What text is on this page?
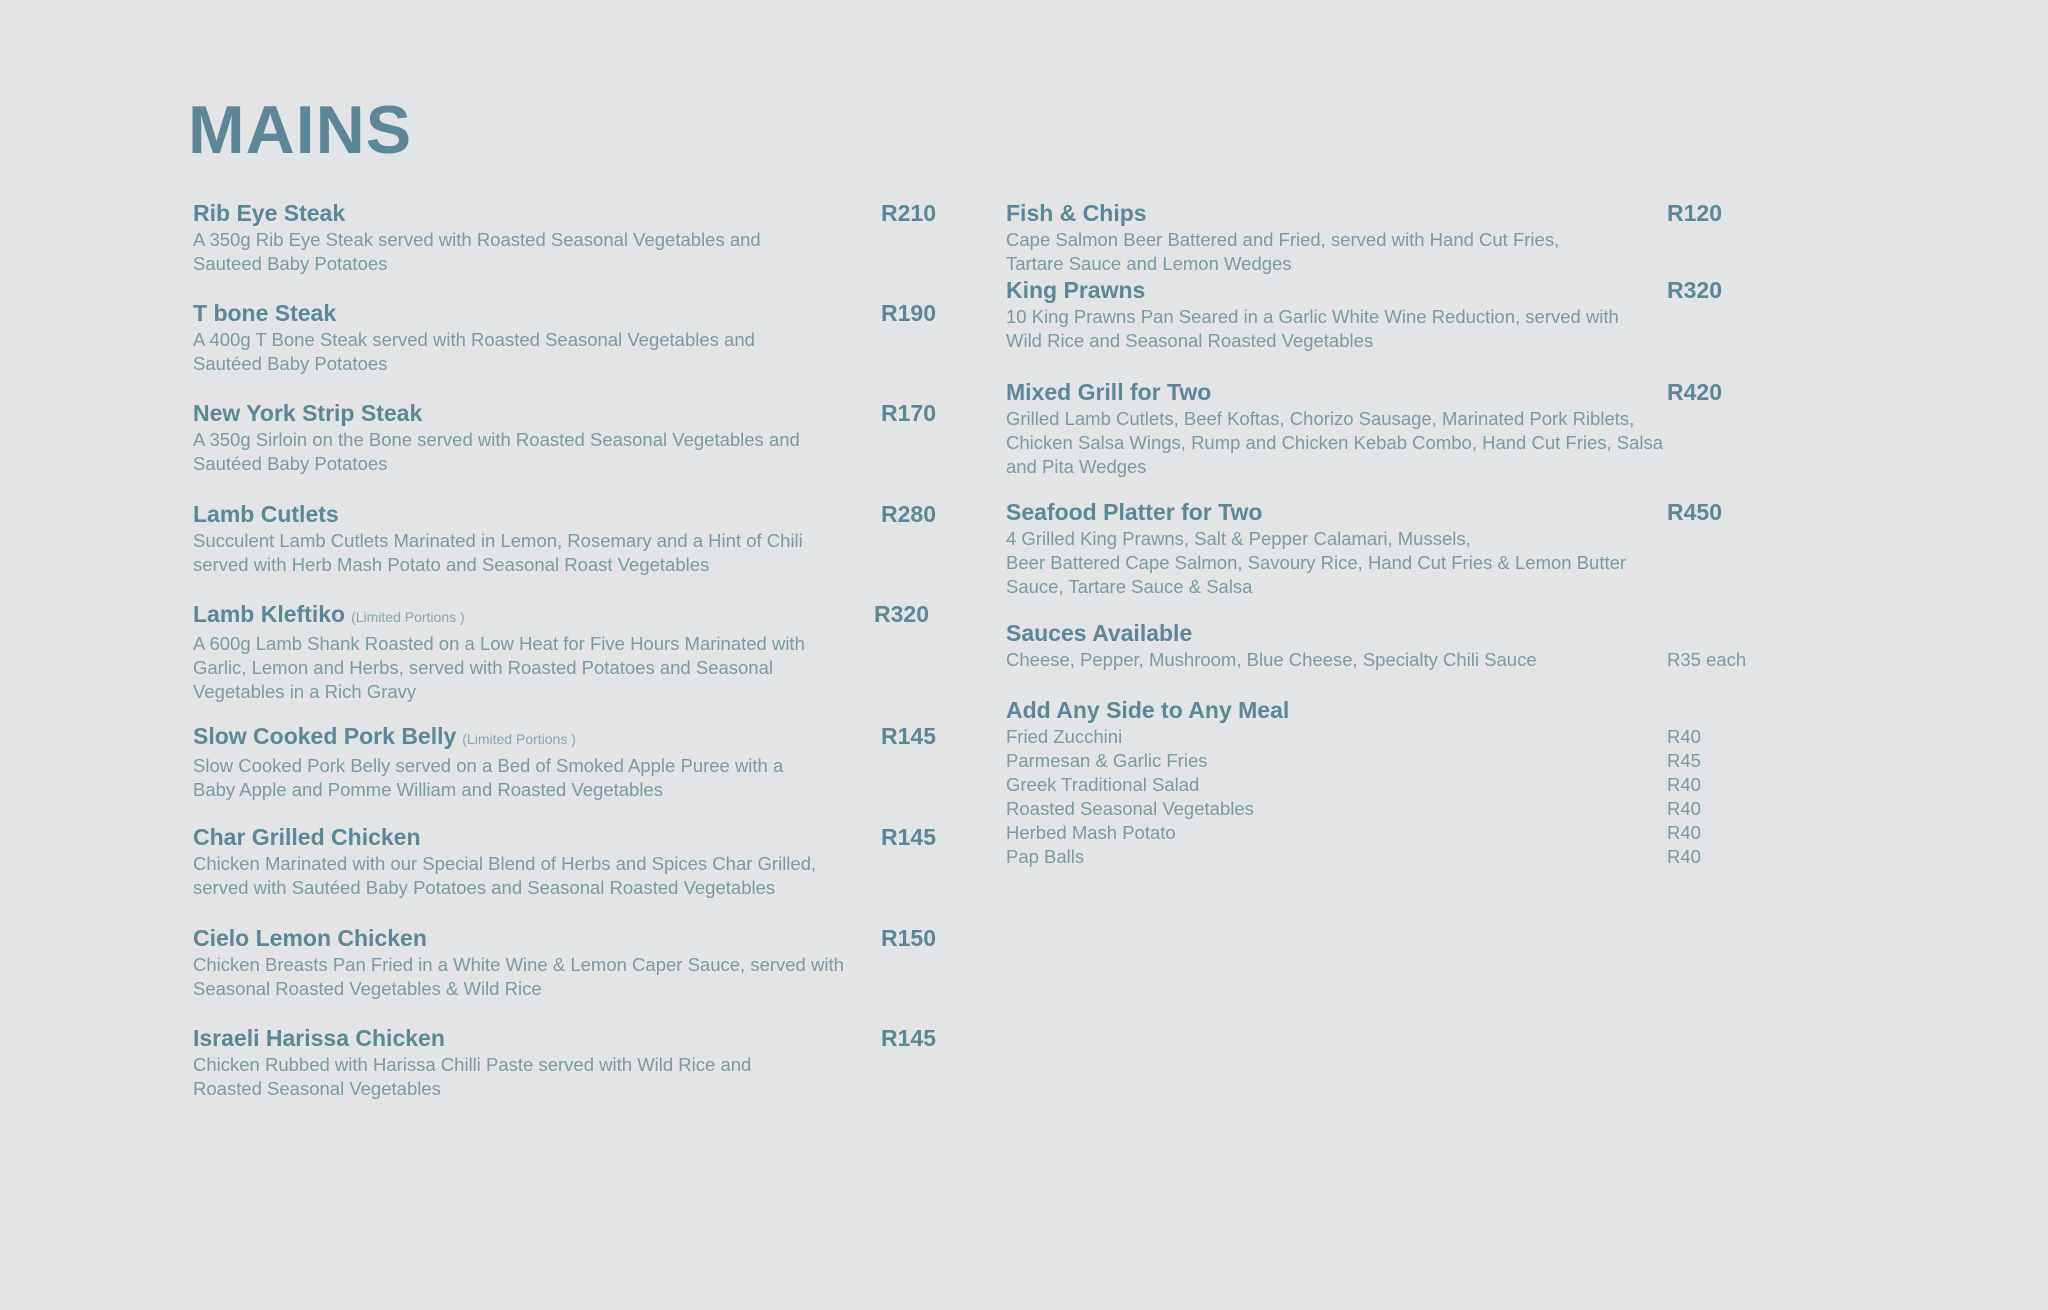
MAINS
Rib Eye Steak	R210
A 350g Rib Eye Steak served with Roasted Seasonal Vegetables and
Sauteed Baby Potatoes
T bone Steak	R190
A 400g T Bone Steak served with Roasted Seasonal Vegetables and
Sautéed Baby Potatoes
New York Strip Steak	R170
A 350g Sirloin on the Bone served with Roasted Seasonal Vegetables and
Sautéed Baby Potatoes
Lamb Cutlets	R280
Succulent Lamb Cutlets Marinated in Lemon, Rosemary and a Hint of Chili
served with Herb Mash Potato and Seasonal Roast Vegetables
Lamb Kleftiko (Limited Portions )	R320
A 600g Lamb Shank Roasted on a Low Heat for Five Hours Marinated with
Garlic, Lemon and Herbs, served with Roasted Potatoes and Seasonal
Vegetables in a Rich Gravy
Slow Cooked Pork Belly (Limited Portions )	R145
Slow Cooked Pork Belly served on a Bed of Smoked Apple Puree with a
Baby Apple and Pomme William and Roasted Vegetables
Char Grilled Chicken	R145
Chicken Marinated with our Special Blend of Herbs and Spices Char Grilled,
served with Sautéed Baby Potatoes and Seasonal Roasted Vegetables
Cielo Lemon Chicken	R150
Chicken Breasts Pan Fried in a White Wine & Lemon Caper Sauce, served with
Seasonal Roasted Vegetables & Wild Rice
Israeli Harissa Chicken	R145
Chicken Rubbed with Harissa Chilli Paste served with Wild Rice and
Roasted Seasonal Vegetables
Fish & Chips	R120
Cape Salmon Beer Battered and Fried, served with Hand Cut Fries,
Tartare Sauce and Lemon Wedges
King Prawns	R320
10 King Prawns Pan Seared in a Garlic White Wine Reduction, served with
Wild Rice and Seasonal Roasted Vegetables
Mixed Grill for Two	R420
Grilled Lamb Cutlets, Beef Koftas, Chorizo Sausage, Marinated Pork Riblets,
Chicken Salsa Wings, Rump and Chicken Kebab Combo, Hand Cut Fries, Salsa
and Pita Wedges
Seafood Platter for Two	R450
4 Grilled King Prawns, Salt & Pepper Calamari, Mussels,
Beer Battered Cape Salmon, Savoury Rice, Hand Cut Fries & Lemon Butter
Sauce, Tartare Sauce & Salsa
Sauces Available
Cheese, Pepper, Mushroom, Blue Cheese, Specialty Chili Sauce	R35 each
Add Any Side to Any Meal
Fried Zucchini	R40
Parmesan & Garlic Fries	R45
Greek Traditional Salad	R40
Roasted Seasonal Vegetables	R40
Herbed Mash Potato	R40
Pap Balls	R40
